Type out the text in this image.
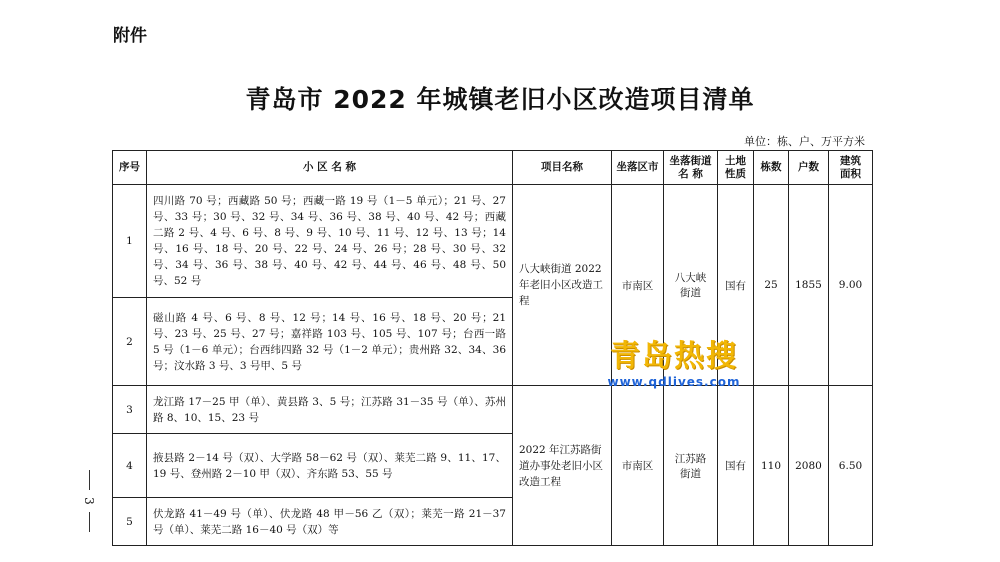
附件
青岛市 2022 年城镇老旧小区改造项目清单
单位：栋、户、万平方米
3
序号	小 区 名 称	项目名称	坐落区市	坐落街道 名 称	土地 性质	栋数	户数	建筑 面积
1	四川路 70 号；西藏路 50 号；西藏一路 19 号（1－5 单元）；21 号、27 号、33 号；30 号、32 号、34 号、36 号、38 号、40 号、42 号；西藏二路 2 号、4 号、6 号、8 号、9 号、10 号、11 号、12 号、13 号；14 号、16 号、18 号、20 号、22 号、24 号、26 号；28 号、30 号、32 号、34 号、36 号、38 号、40 号、42 号、44 号、46 号、48 号、50 号、52 号	八大峡街道 2022 年老旧小区改造工程	市南区	八大峡 街道	国有	25	1855	9.00
2	磁山路 4 号、6 号、8 号、12 号；14 号、16 号、18 号、20 号；21 号、23 号、25 号、27 号；嘉祥路 103 号、105 号、107 号；台西一路 5 号（1－6 单元）；台西纬四路 32 号（1－2 单元）；贵州路 32、34、36 号；汶水路 3 号、3 号甲、5 号							
3	龙江路 17－25 甲（单）、黄县路 3、5 号；江苏路 31－35 号（单）、苏州路 8、10、15、23 号	2022 年江苏路街道办事处老旧小区改造工程	市南区	江苏路 街道	国有	110	2080	6.50
4	掖县路 2－14 号（双）、大学路 58－62 号（双）、莱芜二路 9、11、17、19 号、登州路 2－10 甲（双）、齐东路 53、55 号							
5	伏龙路 41－49 号（单）、伏龙路 48 甲－56 乙（双）；莱芜一路 21－37 号（单）、莱芜二路 16－40 号（双）等							
青岛热搜
www.qdlives.com
